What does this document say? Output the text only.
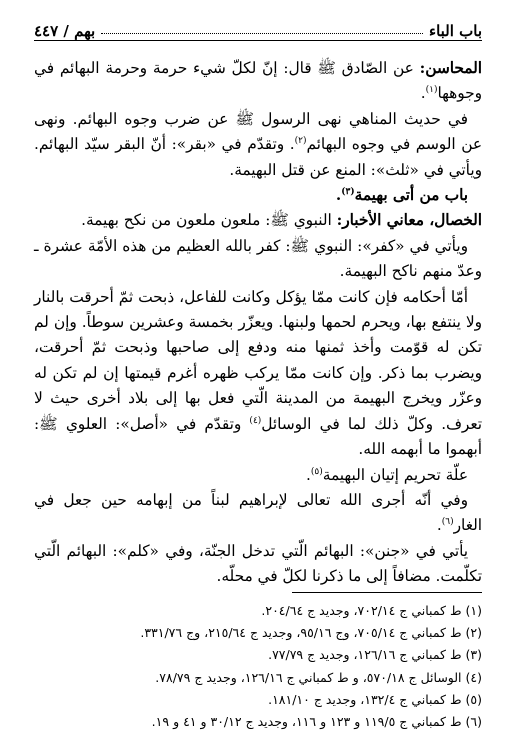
باب الباء
بهم / ٤٤٧

المحاسن: عن الصّادق ﷺ قال: إنّ لكلّ شيء حرمة وحرمة البهائم في وجوهها$^{(١)}$.

في حديث المناهي نهى الرسول ﷺ عن ضرب وجوه البهائم. ونهى عن الوسم في وجوه البهائم$^{(٢)}$. وتقدّم في «بقر»: أنّ البقر سيّد البهائم. ويأتي في «ثلث»: المنع عن قتل البهيمة.

باب من أتى بهيمة$^{(٣)}$.

الخصال، معاني الأخبار: النبوي ﷺ: ملعون ملعون من نكح بهيمة.

ويأتي في «كفر»: النبوي ﷺ: كفر بالله العظيم من هذه الأمّة عشرة ـ وعدّ منهم ناكح البهيمة.

أمّا أحكامه فإن كانت ممّا يؤكل وكانت للفاعل، ذبحت ثمّ أحرقت بالنار ولا ينتفع بها، ويحرم لحمها ولبنها. ويعزّر بخمسة وعشرين سوطاً. وإن لم تكن له قوّمت وأخذ ثمنها منه ودفع إلى صاحبها وذبحت ثمّ أحرقت، ويضرب بما ذكر. وإن كانت ممّا يركب ظهره أغرم قيمتها إن لم تكن له وعزّر ويخرج البهيمة من المدينة الّتي فعل بها إلى بلاد أخرى حيث لا تعرف. وكلّ ذلك لما في الوسائل$^{(٤)}$ وتقدّم في «أصل»: العلوي ﷺ: أبهموا ما أبهمه الله.

علّة تحريم إتيان البهيمة$^{(٥)}$.

وفي أنّه أجرى الله تعالى لإبراهيم لبناً من إبهامه حين جعل في الغار$^{(٦)}$.

يأتي في «جنن»: البهائم الّتي تدخل الجنّة، وفي «كلم»: البهائم الّتي تكلّمت. مضافاً إلى ما ذكرنا لكلّ في محلّه.

(١) ط كمباني ج ٧٠٢/١٤، وجديد ج ٢٠٤/٦٤.
(٢) ط كمباني ج ٧٠٥/١٤، وج ٩٥/١٦، وجديد ج ٢١٥/٦٤، وج ٣٣١/٧٦.
(٣) ط كمباني ج ١٢٦/١٦، وجديد ج ٧٧/٧٩.
(٤) الوسائل ج ٥٧٠/١٨، و ط كمباني ج ١٢٦/١٦، وجديد ج ٧٨/٧٩.
(٥) ط كمباني ج ١٣٢/٤، وجديد ج ١٨١/١٠.
(٦) ط كمباني ج ١١٩/٥ و ١٢٣ و ١١٦، وجديد ج ٣٠/١٢ و ٤١ و ١٩.
